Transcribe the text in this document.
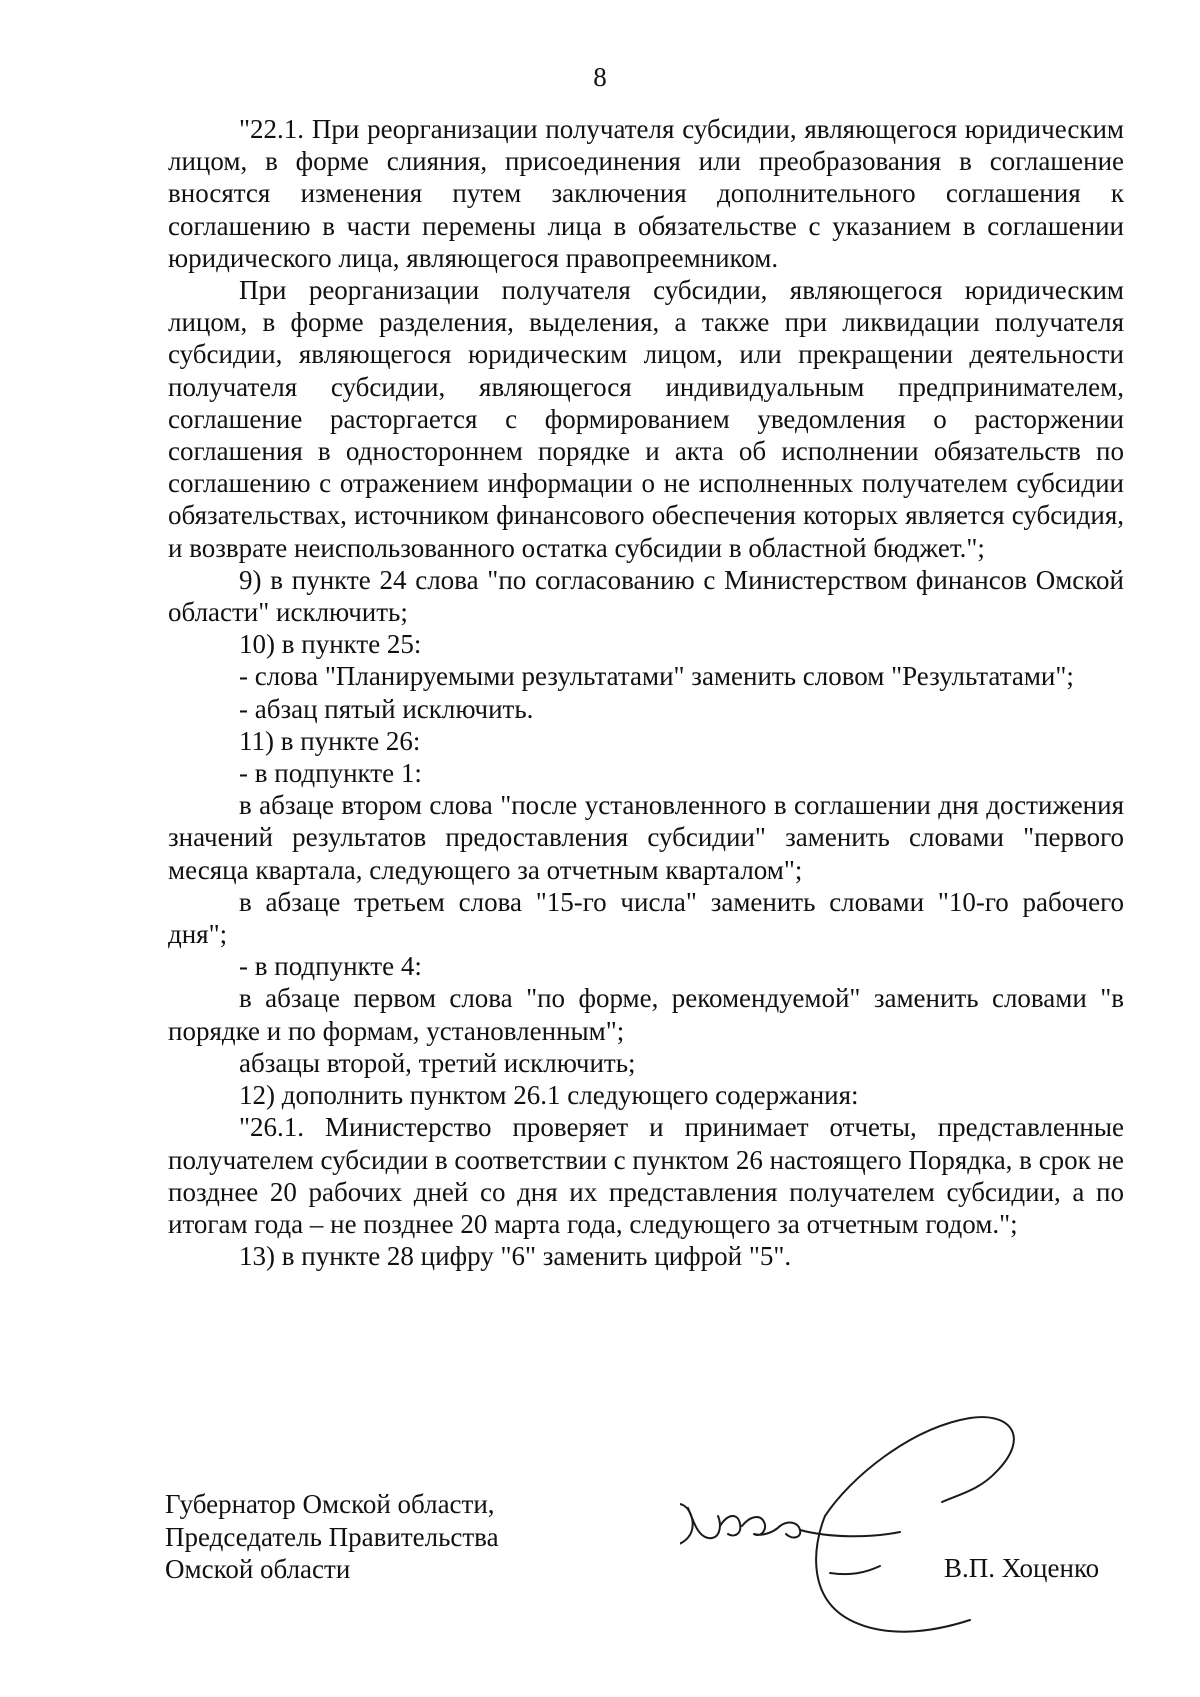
8

"22.1. При реорганизации получателя субсидии, являющегося юридическим лицом, в форме слияния, присоединения или преобразования в соглашение вносятся изменения путем заключения дополнительного соглашения к соглашению в части перемены лица в обязательстве с указанием в соглашении юридического лица, являющегося правопреемником.

При реорганизации получателя субсидии, являющегося юридическим лицом, в форме разделения, выделения, а также при ликвидации получателя субсидии, являющегося юридическим лицом, или прекращении деятельности получателя субсидии, являющегося индивидуальным предпринимателем, соглашение расторгается с формированием уведомления о расторжении соглашения в одностороннем порядке и акта об исполнении обязательств по соглашению с отражением информации о не исполненных получателем субсидии обязательствах, источником финансового обеспечения которых является субсидия, и возврате неиспользованного остатка субсидии в областной бюджет.";

9) в пункте 24 слова "по согласованию с Министерством финансов Омской области" исключить;

10) в пункте 25:

- слова "Планируемыми результатами" заменить словом "Результатами";

- абзац пятый исключить.

11) в пункте 26:

- в подпункте 1:

в абзаце втором слова "после установленного в соглашении дня достижения значений результатов предоставления субсидии" заменить словами "первого месяца квартала, следующего за отчетным кварталом";

в абзаце третьем слова "15-го числа" заменить словами "10-го рабочего дня";

- в подпункте 4:

в абзаце первом слова "по форме, рекомендуемой" заменить словами "в порядке и по формам, установленным";

абзацы второй, третий исключить;

12) дополнить пунктом 26.1 следующего содержания:

"26.1. Министерство проверяет и принимает отчеты, представленные получателем субсидии в соответствии с пунктом 26 настоящего Порядка, в срок не позднее 20 рабочих дней со дня их представления получателем субсидии, а по итогам года – не позднее 20 марта года, следующего за отчетным годом.";

13) в пункте 28 цифру "6" заменить цифрой "5".

Губернатор Омской области,
Председатель Правительства
Омской области	В.П. Хоценко
